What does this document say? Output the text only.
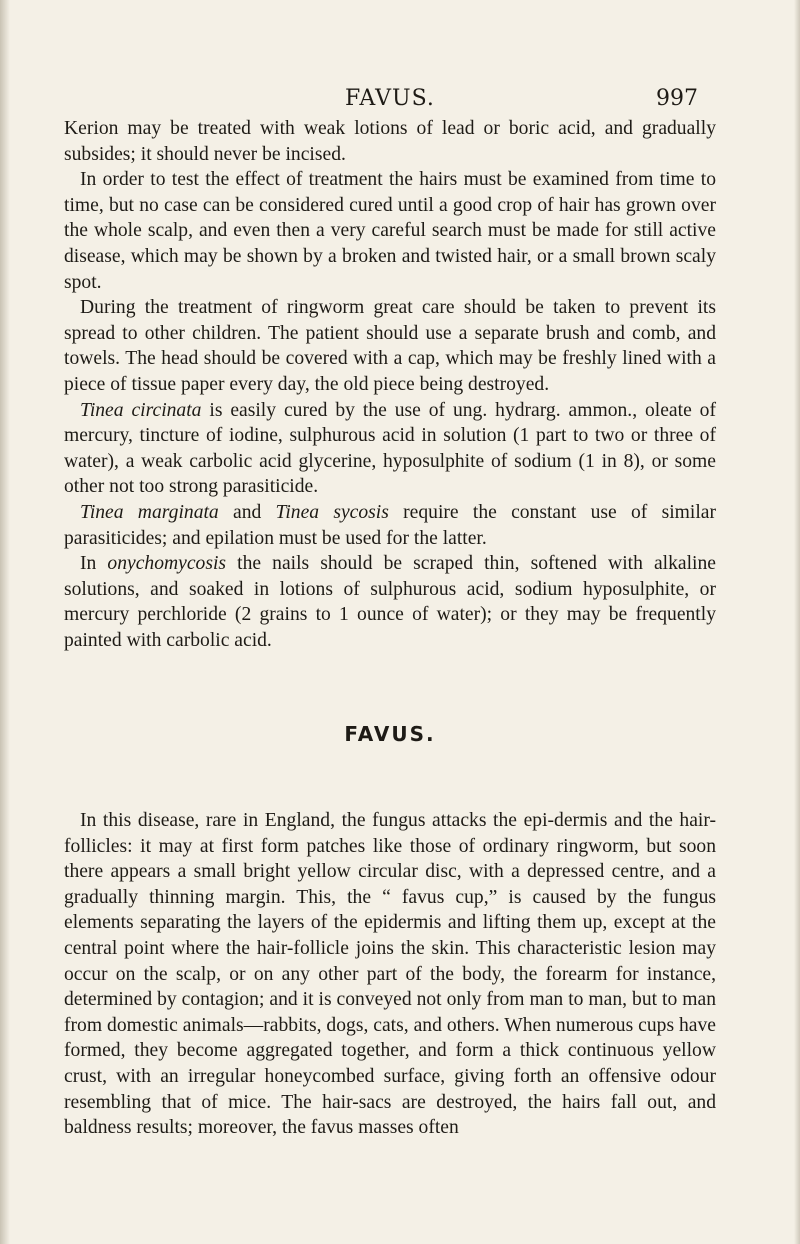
FAVUS.	997

Kerion may be treated with weak lotions of lead or boric acid, and gradually subsides; it should never be incised.

In order to test the effect of treatment the hairs must be examined from time to time, but no case can be considered cured until a good crop of hair has grown over the whole scalp, and even then a very careful search must be made for still active disease, which may be shown by a broken and twisted hair, or a small brown scaly spot.

During the treatment of ringworm great care should be taken to prevent its spread to other children. The patient should use a separate brush and comb, and towels. The head should be covered with a cap, which may be freshly lined with a piece of tissue paper every day, the old piece being destroyed.

Tinea circinata is easily cured by the use of ung. hydrarg. ammon., oleate of mercury, tincture of iodine, sulphurous acid in solution (1 part to two or three of water), a weak carbolic acid glycerine, hyposulphite of sodium (1 in 8), or some other not too strong parasiticide.

Tinea marginata and Tinea sycosis require the constant use of similar parasiticides; and epilation must be used for the latter.

In onychomycosis the nails should be scraped thin, softened with alkaline solutions, and soaked in lotions of sulphurous acid, sodium hyposulphite, or mercury perchloride (2 grains to 1 ounce of water); or they may be frequently painted with carbolic acid.

FAVUS.

In this disease, rare in England, the fungus attacks the epi-dermis and the hair-follicles: it may at first form patches like those of ordinary ringworm, but soon there appears a small bright yellow circular disc, with a depressed centre, and a gradually thinning margin. This, the “ favus cup,” is caused by the fungus elements separating the layers of the epidermis and lifting them up, except at the central point where the hair-follicle joins the skin. This characteristic lesion may occur on the scalp, or on any other part of the body, the forearm for instance, determined by contagion; and it is conveyed not only from man to man, but to man from domestic animals—rabbits, dogs, cats, and others. When numerous cups have formed, they become aggregated together, and form a thick continuous yellow crust, with an irregular honeycombed surface, giving forth an offensive odour resembling that of mice. The hair-sacs are destroyed, the hairs fall out, and baldness results; moreover, the favus masses often
